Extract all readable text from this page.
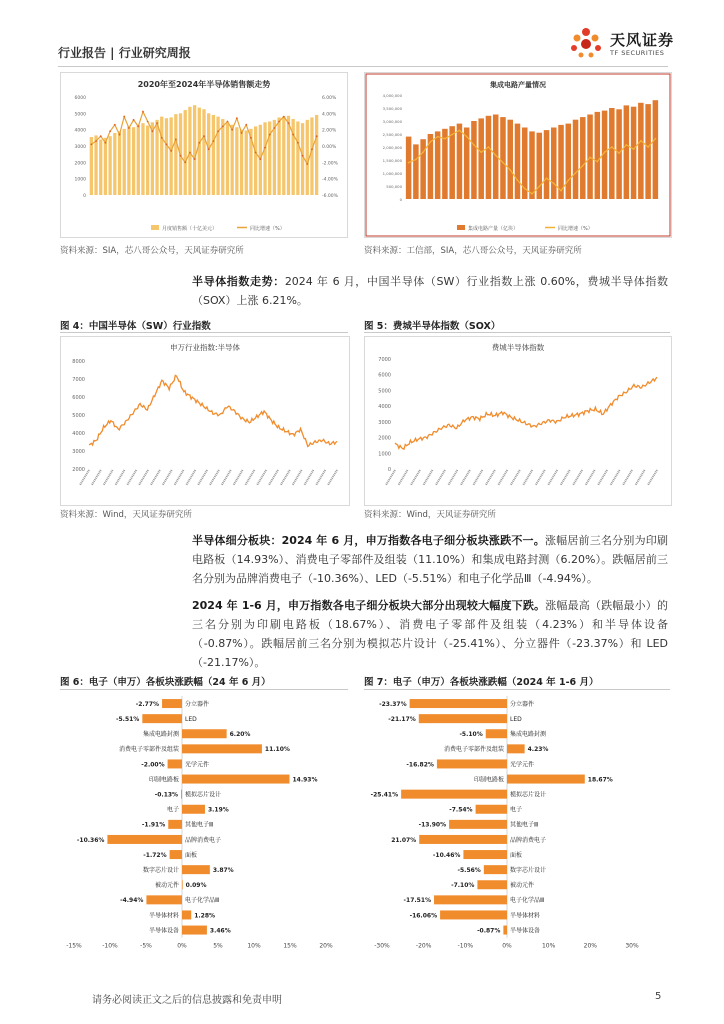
行业报告 | 行业研究周报
天风证券
TF SECURITIES
2020年至2024年半导体销售额走势
6000
5000
4000
3000
2000
1000
0
6.00%
4.00%
2.00%
0.00%
-2.00%
-4.00%
-6.00%
月度销售额（十亿美元）	同比增速（%）
资料来源：SIA，芯八哥公众号，天风证券研究所
集成电路产量情况
4,000,000
3,500,000
3,000,000
2,500,000
2,000,000
1,500,000
1,000,000
500,000
0
集成电路产量（亿块）	同比增速（%）
资料来源：工信部，SIA，芯八哥公众号，天风证券研究所
半导体指数走势：2024 年 6 月，中国半导体（SW）行业指数上涨 0.60%，费城半导体指数（SOX）上涨 6.21%。
图 4：中国半导体（SW）行业指数	图 5：费城半导体指数（SOX）
申万行业指数:半导体
8000
7000
6000
5000
4000
3000
2000
资料来源：Wind，天风证券研究所
费城半导体指数
7000
6000
5000
4000
3000
2000
1000
0
资料来源：Wind，天风证券研究所
半导体细分板块：2024 年 6 月，申万指数各电子细分板块涨跌不一。涨幅居前三名分别为印刷电路板（14.93%）、消费电子零部件及组装（11.10%）和集成电路封测（6.20%）。跌幅居前三名分别为品牌消费电子（-10.36%）、LED（-5.51%）和电子化学品Ⅲ（-4.94%）。
2024 年 1-6 月，申万指数各电子细分板块大部分出现较大幅度下跌。涨幅最高（跌幅最小）的三名分别为印刷电路板（18.67%）、消费电子零部件及组装（4.23%）和半导体设备（-0.87%）。跌幅居前三名分别为模拟芯片设计（-25.41%）、分立器件（-23.37%）和 LED（-21.17%）。
图 6：电子（申万）各板块涨跌幅（24 年 6 月）	图 7：电子（申万）各板块涨跌幅（2024 年 1-6 月）
分立器件
-2.77%
LED
-5.51%
集成电路封测	6.20%
消费电子零部件及组装	11.10%
光学元件
-2.00%
印制电路板	14.93%
模拟芯片设计
-0.13%
电子	3.19%
其他电子Ⅲ
-1.91%
品牌消费电子
-10.36%
面板
-1.72%
数字芯片设计	3.87%
被动元件 0.09%
电子化学品Ⅲ
-4.94%
半导体材料	1.28%
半导体设备	3.46%
-15%	-10%	-5%	0%	5%	10%	15%	20%
分立器件
-23.37%
LED
-21.17%
集成电路封测
-5.10%
消费电子零部件及组装	4.23%
光学元件
-16.82%
印制电路板	18.67%
模拟芯片设计
-25.41%
电子
-7.54%
其他电子Ⅲ
-13.90%
品牌消费电子
21.07%
面板
-10.46%
数字芯片设计
-5.56%
被动元件
-7.10%
电子化学品Ⅲ
-17.51%
半导体材料
-16.06%
半导体设备
-0.87%
-30%	-20%	-10%	0%	10%	20%	30%
请务必阅读正文之后的信息披露和免责申明	5
